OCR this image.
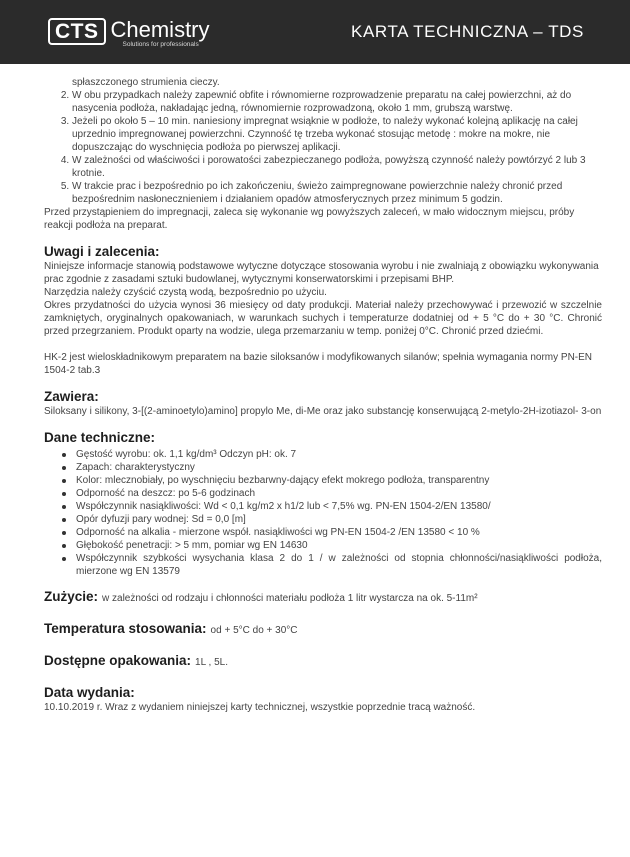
CTS Chemistry
Solutions for professionals
KARTA TECHNICZNA – TDS
spłaszczonego strumienia cieczy.
2. W obu przypadkach należy zapewnić obfite i równomierne rozprowadzenie preparatu na całej powierzchni, aż do nasycenia podłoża, nakładając jedną, równomiernie rozprowadzoną, około 1 mm, grubszą warstwę.
3. Jeżeli po około 5 – 10 min. naniesiony impregnat wsiąknie w podłoże, to należy wykonać kolejną aplikację na całej uprzednio impregnowanej powierzchni. Czynność tę trzeba wykonać stosując metodę : mokre na mokre, nie dopuszczając do wyschnięcia podłoża po pierwszej aplikacji.
4. W zależności od właściwości i porowatości zabezpieczanego podłoża, powyższą czynność należy powtórzyć 2 lub 3 krotnie.
5. W trakcie prac i bezpośrednio po ich zakończeniu, świeżo zaimpregnowane powierzchnie należy chronić przed bezpośrednim nasłonecznieniem i działaniem opadów atmosferycznych przez minimum 5 godzin.

Przed przystąpieniem do impregnacji, zaleca się wykonanie wg powyższych zaleceń, w mało widocznym miejscu, próby reakcji podłoża na preparat.

Uwagi i zalecenia:

Niniejsze informacje stanowią podstawowe wytyczne dotyczące stosowania wyrobu i nie zwalniają z obowiązku wykonywania prac zgodnie z zasadami sztuki budowlanej, wytycznymi konserwatorskimi i przepisami BHP.

Narzędzia należy czyścić czystą wodą, bezpośrednio po użyciu.

Okres przydatności do użycia wynosi 36 miesięcy od daty produkcji. Materiał należy przechowywać i przewozić w szczelnie zamkniętych, oryginalnych opakowaniach, w warunkach suchych i temperaturze dodatniej od + 5 °C do + 30 °C. Chronić przed przegrzaniem. Produkt oparty na wodzie, ulega przemarzaniu w temp. poniżej 0°C. Chronić przed dziećmi.

HK-2 jest wieloskładnikowym preparatem na bazie siloksanów i modyfikowanych silanów; spełnia wymagania normy PN-EN 1504-2 tab.3

Zawiera:

Siloksany i silikony, 3-[(2-aminoetylo)amino] propylo Me, di-Me oraz jako substancję konserwującą 2-metylo-2H-izotiazol- 3-on

Dane techniczne:
Gęstość wyrobu: ok. 1,1 kg/dm³ Odczyn pH: ok. 7
Zapach: charakterystyczny
Kolor: mlecznobiały, po wyschnięciu bezbarwny-dający efekt mokrego podłoża, transparentny
Odporność na deszcz: po 5-6 godzinach
Współczynnik nasiąkliwości: Wd < 0,1 kg/m2 x h1/2 lub < 7,5% wg. PN-EN 1504-2/EN 13580/
Opór dyfuzji pary wodnej: Sd = 0,0 [m]
Odporność na alkalia - mierzone współ. nasiąkliwości wg PN-EN 1504-2 /EN 13580 < 10 %
Głębokość penetracji: > 5 mm, pomiar wg EN 14630
Współczynnik szybkości wysychania klasa 2 do 1 / w zależności od stopnia chłonności/nasiąkliwości podłoża, mierzone wg EN 13579
Zużycie: w zależności od rodzaju i chłonności materiału podłoża 1 litr wystarcza na ok. 5-11m²
Temperatura stosowania: od + 5°C do + 30°C
Dostępne opakowania: 1L , 5L.
Data wydania:

10.10.2019 r. Wraz z wydaniem niniejszej karty technicznej, wszystkie poprzednie tracą ważność.
